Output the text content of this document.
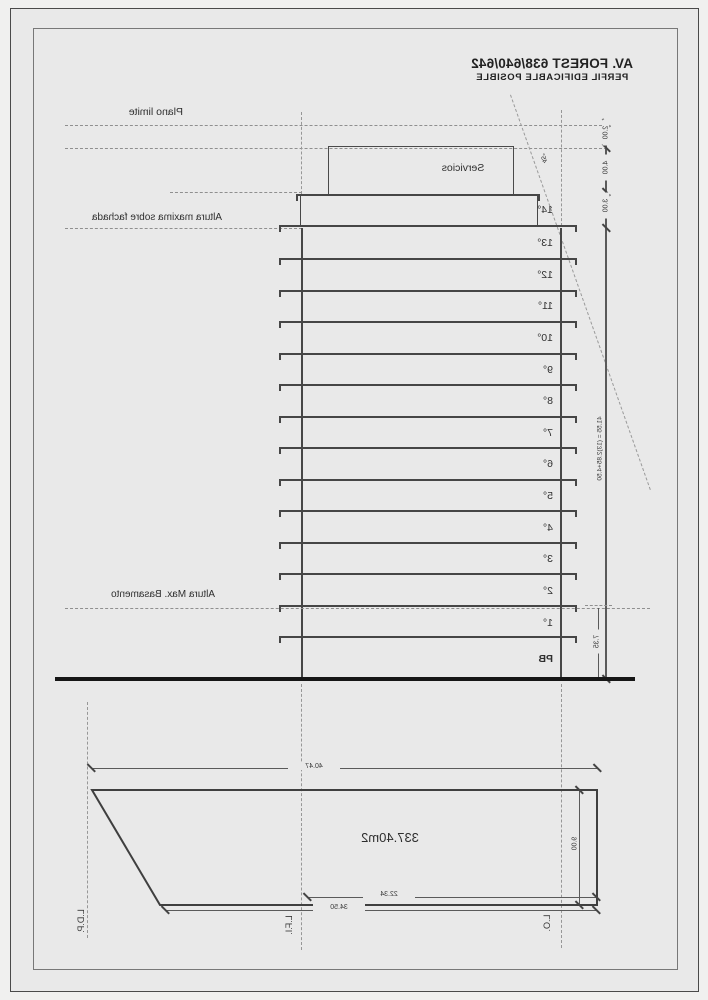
AV. FOREST 638/640/642
PERFIL EDIFICABLE POSIBLE
Plano limite
45°
Servicios
Altura maxima sobre fachada
14°
13°
12°
11°
10°
9°
8°
7°
6°
5°
4°
3°
2°
1°
PB
Altura Max. Basamento
2.00
4.00
3.00
41.55 = (13)2.85+4.50
7.35
40.47
337.40m2	9.00
22.34
34.50
L.O.
L.F.I.
L.D.P.
